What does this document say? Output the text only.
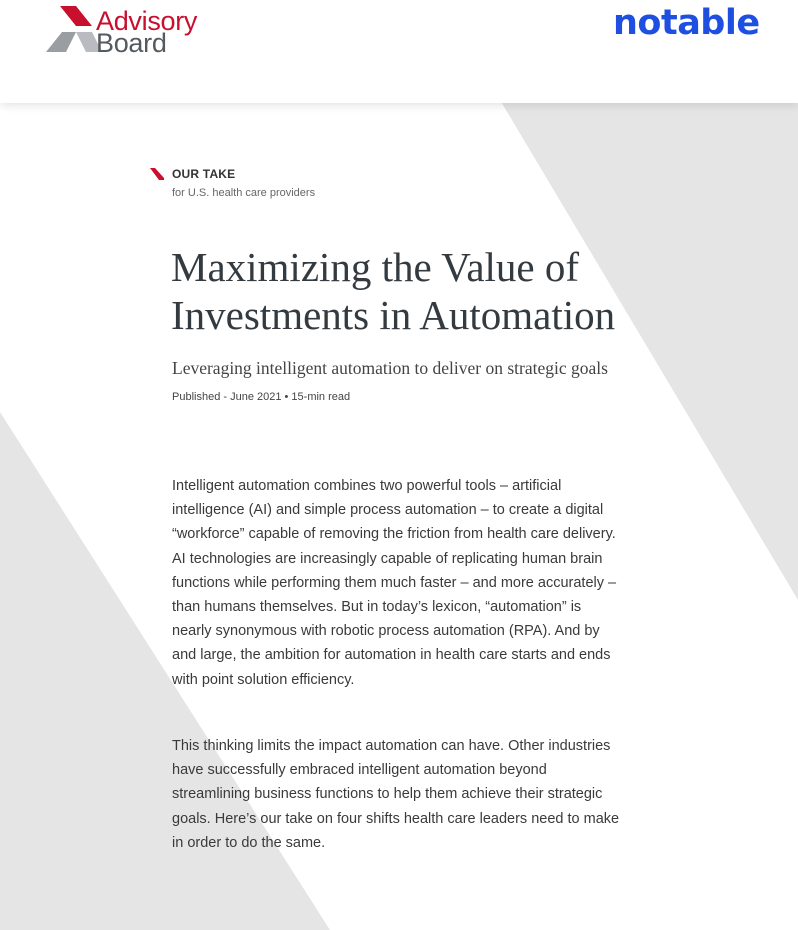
Advisory
Board	notable
OUR TAKE
for U.S. health care providers
Maximizing the Value of Investments in Automation
Leveraging intelligent automation to deliver on strategic goals
Published - June 2021 • 15-min read

Intelligent automation combines two powerful tools – artificial intelligence (AI) and simple process automation – to create a digital “workforce” capable of removing the friction from health care delivery. AI technologies are increasingly capable of replicating human brain functions while performing them much faster – and more accurately – than humans themselves. But in today’s lexicon, “automation” is nearly synonymous with robotic process automation (RPA). And by and large, the ambition for automation in health care starts and ends with point solution efficiency.

This thinking limits the impact automation can have. Other industries have successfully embraced intelligent automation beyond streamlining business functions to help them achieve their strategic goals. Here’s our take on four shifts health care leaders need to make in order to do the same.
